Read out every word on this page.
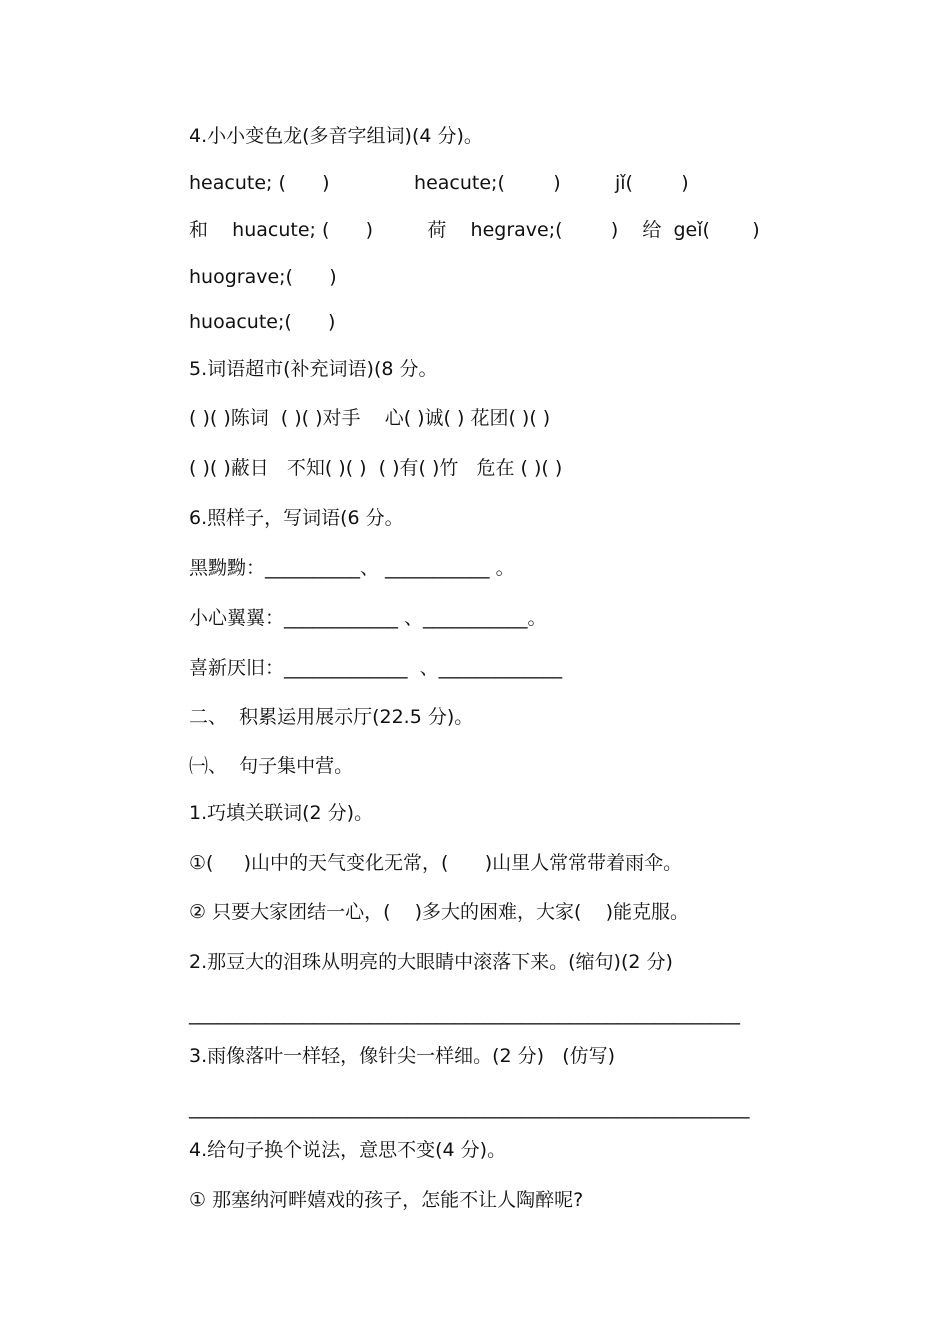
4.小小变色龙(多音字组词)(4 分)。
heacute; (      )              heacute;(        )         jǐ(        )
和    huacute; (      )         荷    hegrave;(        )    给  geǐ(       )
huograve;(      )
huoacute;(      )
5.词语超市(补充词语)(8 分。
( )( )陈词  ( )( )对手    心( )诚( ) 花团( )( )
( )( )蔽日   不知( )( )  ( )有( )竹   危在 ( )( )
6.照样子，写词语(6 分。
黑黝黝：__________、 ___________ 。
小心翼翼：____________ 、___________。
喜新厌旧：_____________  、_____________
二、  积累运用展示厅(22.5 分)。
㈠、  句子集中营。
1.巧填关联词(2 分)。
①(     )山中的天气变化无常，(      )山里人常常带着雨伞。
② 只要大家团结一心，(    )多大的困难，大家(    )能克服。
2.那豆大的泪珠从明亮的大眼睛中滚落下来。(缩句)(2 分)
__________________________________________________________
3.雨像落叶一样轻，像针尖一样细。(2 分)   (仿写)
___________________________________________________________
4.给句子换个说法，意思不变(4 分)。
① 那塞纳河畔嬉戏的孩子，怎能不让人陶醉呢?
